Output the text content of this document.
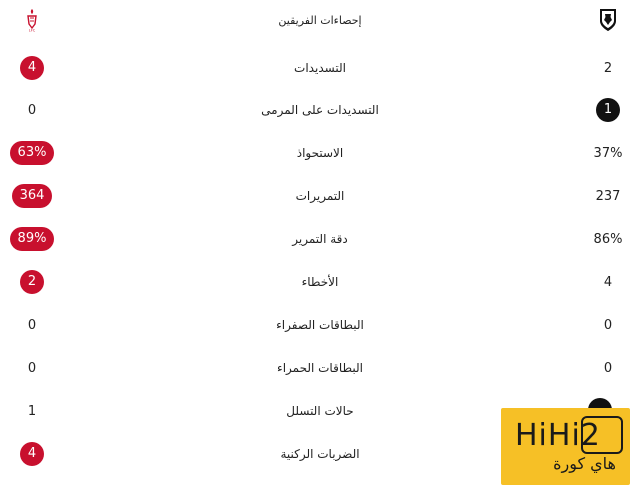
LFC
إحصاءات الفريقين
4	التسديدات	2
0	التسديدات على المرمى	1
63%	الاستحواذ	37%
364	التمريرات	237
89%	دقة التمرير	86%
2	الأخطاء	4
0	البطاقات الصفراء	0
0	البطاقات الحمراء	0
1	حالات التسلل
4	الضربات الركنية
HiHi2
هاي كورة
